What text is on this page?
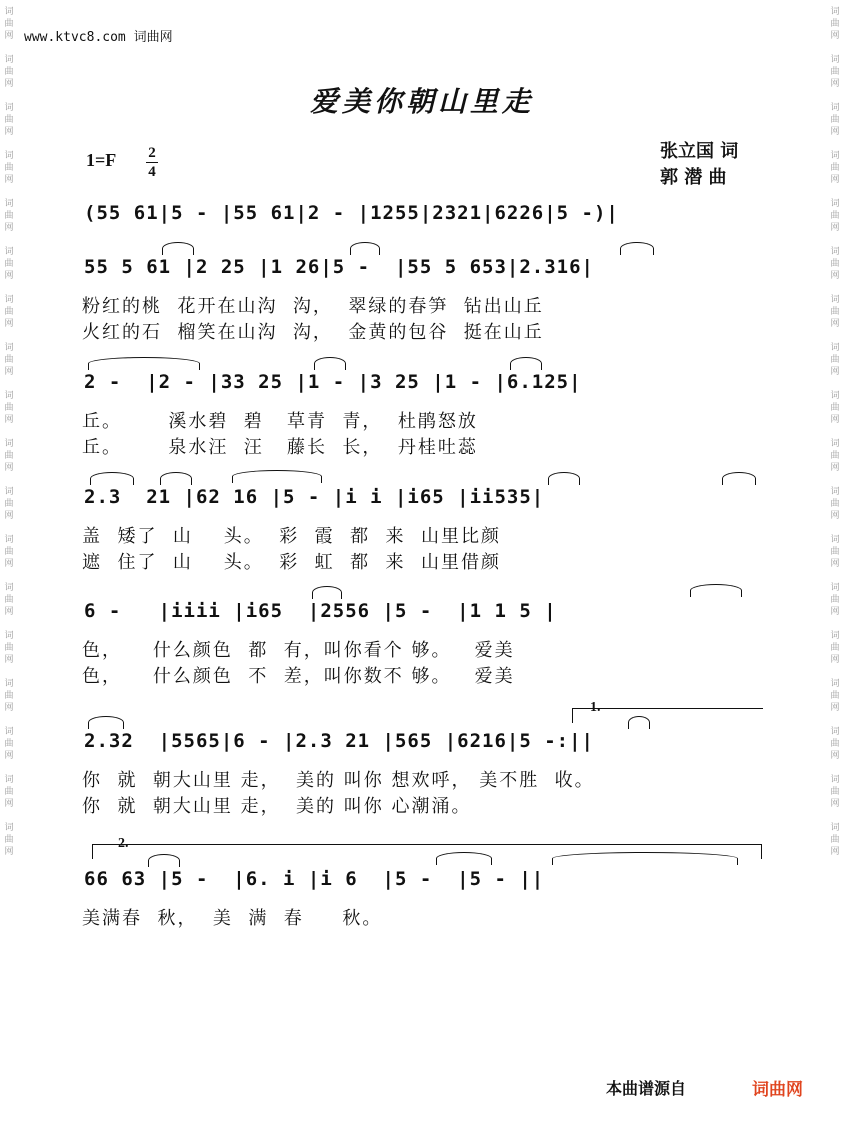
词
曲
网
词
曲
网
词
曲
网
词
曲
网
词
曲
网
词
曲
网
词
曲
网
词
曲
网
词
曲
网
词
曲
网
词
曲
网
词
曲
网
词
曲
网
词
曲
网
词
曲
网
词
曲
网
词
曲
网
词
曲
网
词
曲
网
词
曲
网
词
曲
网
词
曲
网
词
曲
网
词
曲
网
词
曲
网
词
曲
网
词
曲
网
词
曲
网
词
曲
网
词
曲
网
词
曲
网
词
曲
网
词
曲
网
词
曲
网
词
曲
网
词
曲
网
www.ktvc8.com 词曲网
爱美你朝山里走
1=F 2
4
张立国 词
郭 潜 曲
(55 61|5 - |55 61|2 - |1255|2321|6226|5 -)|
55 5 61 |2 25 |1 26|5 -  |55 5 653|2.316|
粉红的桃  花开在山沟  沟，  翠绿的春笋  钻出山丘
火红的石  榴笑在山沟  沟，  金黄的包谷  挺在山丘
2 -  |2 - |33 25 |1 - |3 25 |1 - |6.125|
丘。      溪水碧  碧   草青  青，  杜鹃怒放
丘。      泉水汪  汪   藤长  长，  丹桂吐蕊
2.3  21 |62 16 |5 - |i i |i65 |ii535|
盖  矮了  山    头。  彩  霞  都  来  山里比颜
遮  住了  山    头。  彩  虹  都  来  山里借颜
6 -   |iiii |i65  |2556 |5 -  |1 1 5 |
色，    什么颜色  都  有，叫你看个 够。   爱美
色，    什么颜色  不  差，叫你数不 够。   爱美
1.
2.32  |5565|6 - |2.3 21 |565 |6216|5 -:||
你  就  朝大山里 走，  美的 叫你 想欢呼， 美不胜  收。
你  就  朝大山里 走，  美的 叫你 心潮涌。
2.
66 63 |5 -  |6. i |i 6  |5 -  |5 - ||
美满春  秋，  美  满  春     秋。
本曲谱源自	词曲网
